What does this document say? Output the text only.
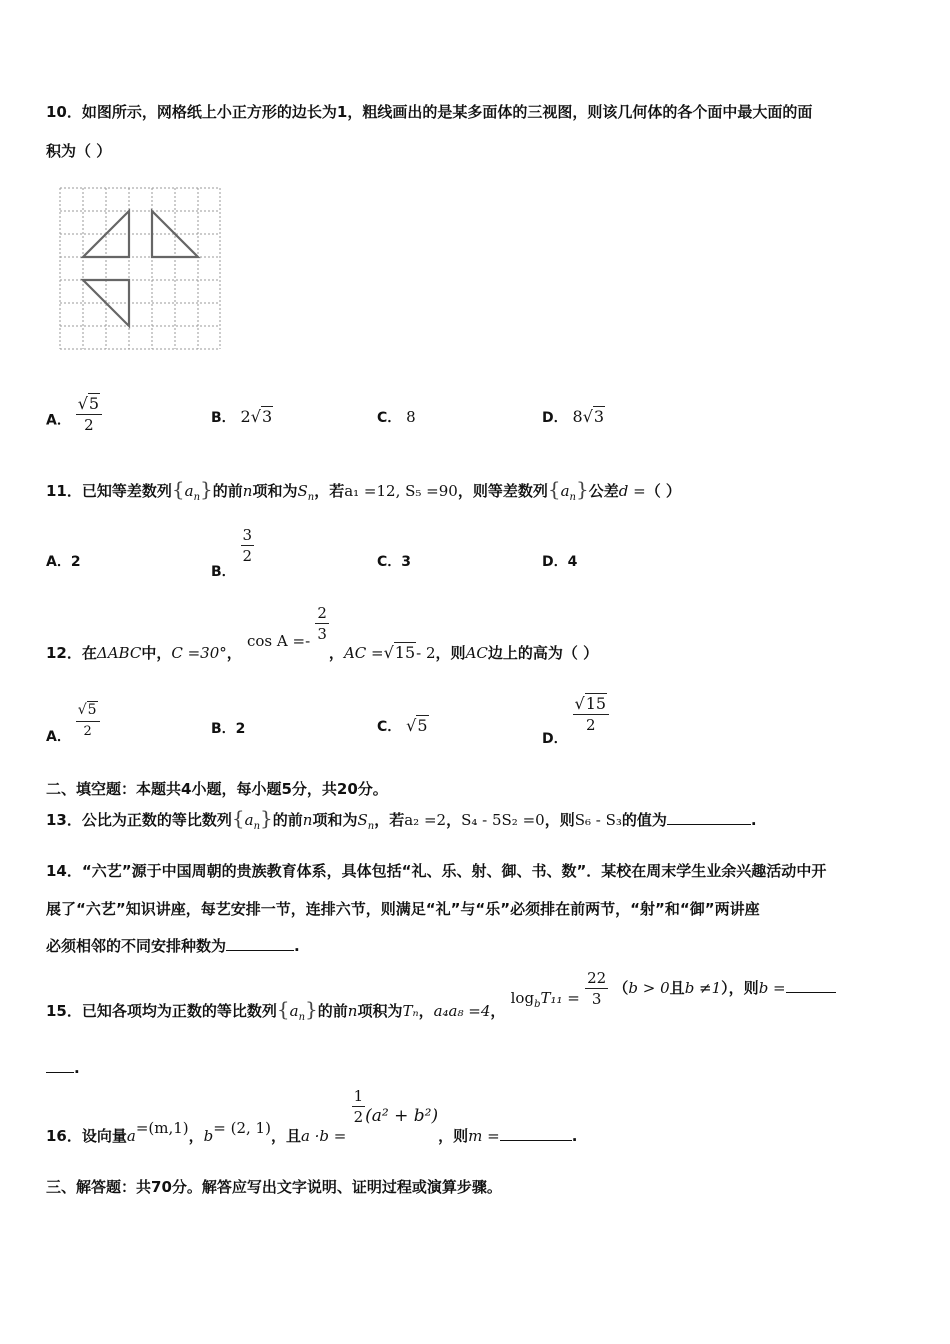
10．如图所示，网格纸上小正方形的边长为1，粗线画出的是某多面体的三视图，则该几何体的各个面中最大面的面
积为（ ）
A． $\frac{√5}{2}$	B． 2√3	C． 8	D． 8√3
11．已知等差数列$\{a_n\}$的前n项和为$S_n$，若a₁ =12, S₅ =90，则等差数列$\{a_n\}$公差d =（ ）
A．2
B．
$\frac{3}{2}$	C．3	D．4
12．在ΔABC中，C =30°， $\cos A =- \frac{2}{3}$
，AC =√15- 2，则AC边上的高为（ ）
A． $\frac{√5}{2}$	B．2	C． √5
D．
$\frac{√15}{2}$
二、填空题：本题共4小题，每小题5分，共20分。
13．公比为正数的等比数列$\{a_n\}$的前n项和为$S_n$，若a₂ =2，S₄ - 5S₂ =0，则S₆ - S₃的值为	.
14．“六艺”源于中国周朝的贵族教育体系，具体包括“礼、乐、射、御、书、数”．某校在周末学生业余兴趣活动中开
展了“六艺”知识讲座，每艺安排一节，连排六节，则满足“礼”与“乐”必须排在前两节，“射”和“御”两讲座
必须相邻的不同安排种数为	.
15．已知各项均为正数的等比数列$\{a_n\}$的前n项积为Tₙ，a₄a₈ =4， $\log_bT_{11} = \frac{22}{3} (b > 0$且b ≠1），则b =
.
16．设向量a=(m,1)，b= (2, 1)，且a ·b =
$\frac{1}{2} (a^2 + b^2)$，则m =	.
三、解答题：共70分。解答应写出文字说明、证明过程或演算步骤。
